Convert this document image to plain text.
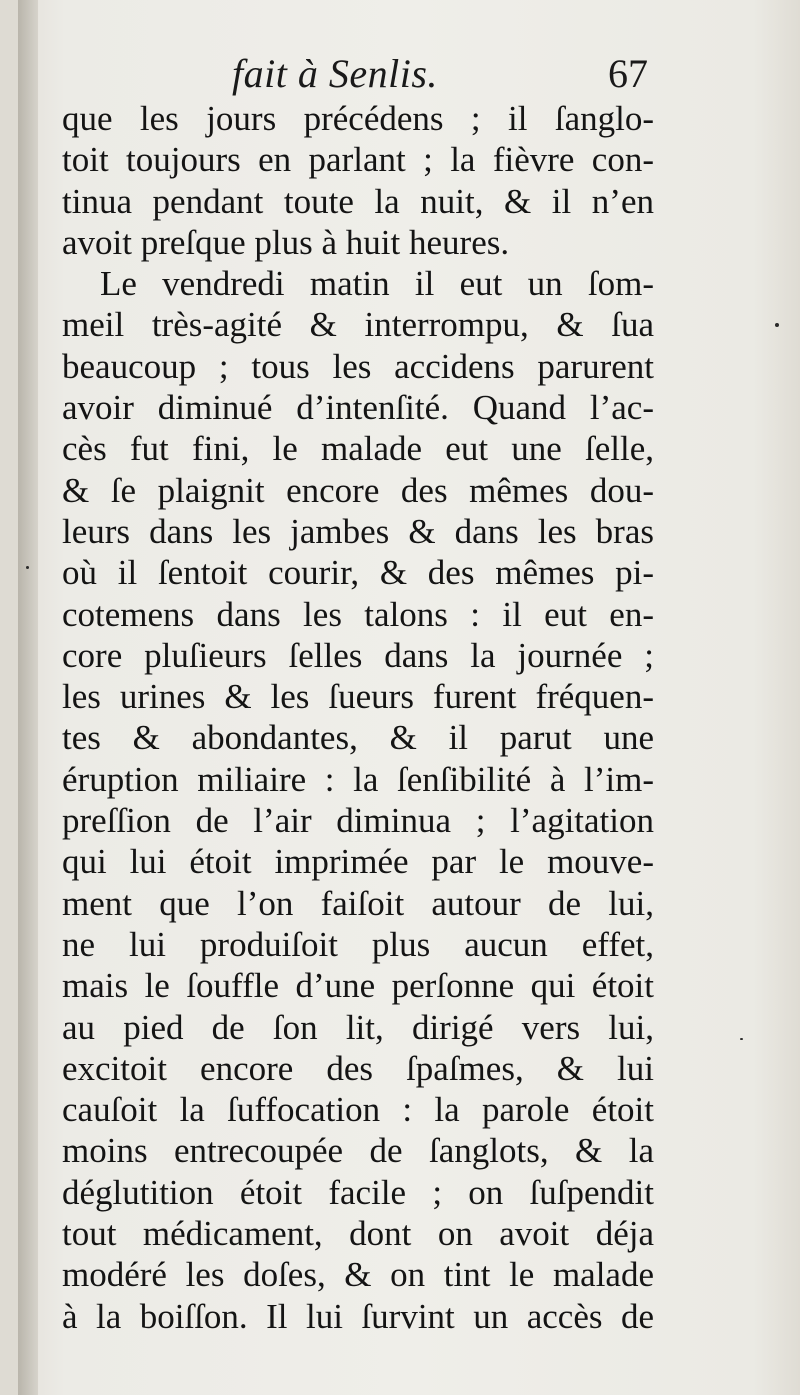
fait à Senlis.	67
que les jours précédens ; il ſanglo-
toit toujours en parlant ; la fièvre con-
tinua pendant toute la nuit, & il n’en
avoit preſque plus à huit heures.
Le vendredi matin il eut un ſom-
meil très-agité & interrompu, & ſua
beaucoup ; tous les accidens parurent
avoir diminué d’intenſité. Quand l’ac-
cès fut fini, le malade eut une ſelle,
& ſe plaignit encore des mêmes dou-
leurs dans les jambes & dans les bras
où il ſentoit courir, & des mêmes pi-
cotemens dans les talons : il eut en-
core pluſieurs ſelles dans la journée ;
les urines & les ſueurs furent fréquen-
tes & abondantes, & il parut une
éruption miliaire : la ſenſibilité à l’im-
preſſion de l’air diminua ; l’agitation
qui lui étoit imprimée par le mouve-
ment que l’on faiſoit autour de lui,
ne lui produiſoit plus aucun effet,
mais le ſouffle d’une perſonne qui étoit
au pied de ſon lit, dirigé vers lui,
excitoit encore des ſpaſmes, & lui
cauſoit la ſuffocation : la parole étoit
moins entrecoupée de ſanglots, & la
déglutition étoit facile ; on ſuſpendit
tout médicament, dont on avoit déja
modéré les doſes, & on tint le malade
à la boiſſon. Il lui ſurvint un accès de
